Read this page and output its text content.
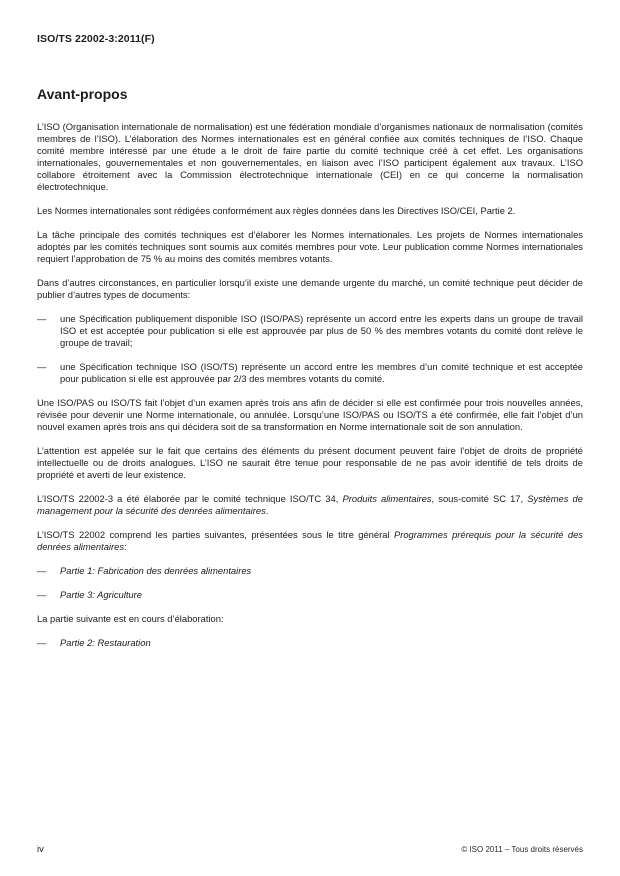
ISO/TS 22002-3:2011(F)
Avant-propos

L’ISO (Organisation internationale de normalisation) est une fédération mondiale d’organismes nationaux de normalisation (comités membres de l’ISO). L’élaboration des Normes internationales est en général confiée aux comités techniques de l’ISO. Chaque comité membre intéressé par une étude a le droit de faire partie du comité technique créé à cet effet. Les organisations internationales, gouvernementales et non gouvernementales, en liaison avec l’ISO participent également aux travaux. L’ISO collabore étroitement avec la Commission électrotechnique internationale (CEI) en ce qui concerne la normalisation électrotechnique.

Les Normes internationales sont rédigées conformément aux règles données dans les Directives ISO/CEI, Partie 2.

La tâche principale des comités techniques est d’élaborer les Normes internationales. Les projets de Normes internationales adoptés par les comités techniques sont soumis aux comités membres pour vote. Leur publication comme Normes internationales requiert l’approbation de 75 % au moins des comités membres votants.

Dans d’autres circonstances, en particulier lorsqu’il existe une demande urgente du marché, un comité technique peut décider de publier d’autres types de documents:

—	une Spécification publiquement disponible ISO (ISO/PAS) représente un accord entre les experts dans un groupe de travail ISO et est acceptée pour publication si elle est approuvée par plus de 50 % des membres votants du comité dont relève le groupe de travail;
—	une Spécification technique ISO (ISO/TS) représente un accord entre les membres d’un comité technique et est acceptée pour publication si elle est approuvée par 2/3 des membres votants du comité.

Une ISO/PAS ou ISO/TS fait l’objet d’un examen après trois ans afin de décider si elle est confirmée pour trois nouvelles années, révisée pour devenir une Norme internationale, ou annulée. Lorsqu’une ISO/PAS ou ISO/TS a été confirmée, elle fait l’objet d’un nouvel examen après trois ans qui décidera soit de sa transformation en Norme internationale soit de son annulation.

L’attention est appelée sur le fait que certains des éléments du présent document peuvent faire l’objet de droits de propriété intellectuelle ou de droits analogues. L’ISO ne saurait être tenue pour responsable de ne pas avoir identifié de tels droits de propriété et averti de leur existence.

L’ISO/TS 22002-3 a été élaborée par le comité technique ISO/TC 34, Produits alimentaires, sous-comité SC 17, Systèmes de management pour la sécurité des denrées alimentaires.

L’ISO/TS 22002 comprend les parties suivantes, présentées sous le titre général Programmes prérequis pour la sécurité des denrées alimentaires:

—	Partie 1: Fabrication des denrées alimentaires
—	Partie 3: Agriculture

La partie suivante est en cours d’élaboration:

—	Partie 2: Restauration
iv	© ISO 2011 – Tous droits réservés
